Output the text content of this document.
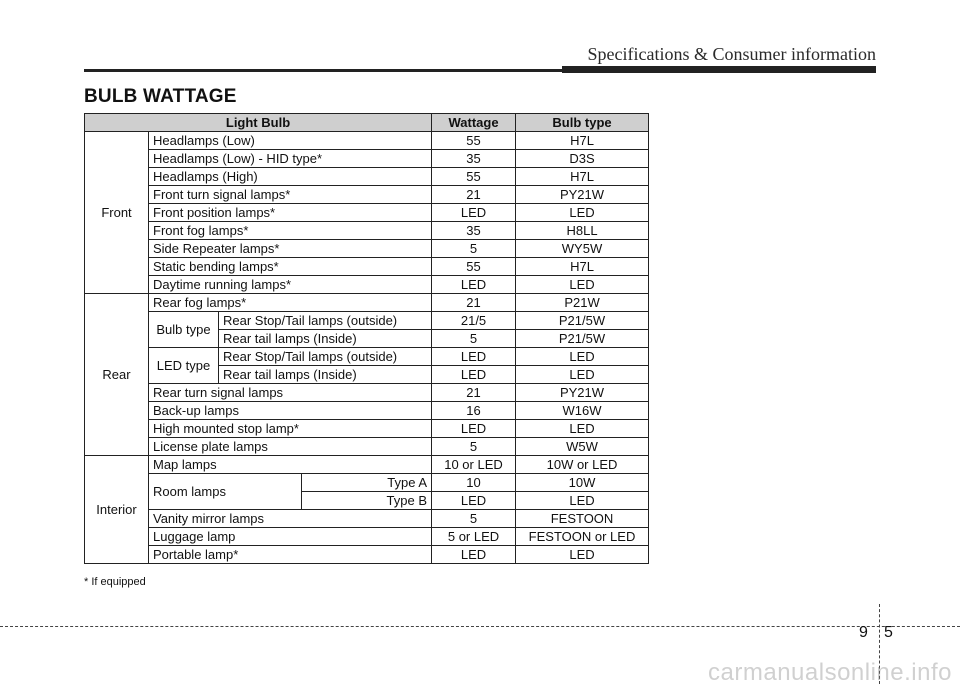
Specifications & Consumer information
BULB WATTAGE
Light Bulb				Wattage	Bulb type
Front	Headlamps (Low)			55	H7L
	Headlamps (Low) - HID type*			35	D3S
	Headlamps (High)			55	H7L
	Front turn signal lamps*			21	PY21W
	Front position lamps*			LED	LED
	Front fog lamps*			35	H8LL
	Side Repeater lamps*			5	WY5W
	Static bending lamps*			55	H7L
	Daytime running lamps*			LED	LED
Rear	Rear fog lamps*			21	P21W
	Bulb type	Rear Stop/Tail lamps (outside)		21/5	P21/5W
		Rear tail lamps (Inside)		5	P21/5W
	LED type	Rear Stop/Tail lamps (outside)		LED	LED
		Rear tail lamps (Inside)		LED	LED
	Rear turn signal lamps			21	PY21W
	Back-up lamps			16	W16W
	High mounted stop lamp*			LED	LED
	License plate lamps			5	W5W
Interior	Map lamps			10 or LED	10W or LED
	Room lamps		Type A	10	10W
			Type B	LED	LED
	Vanity mirror lamps			5	FESTOON
	Luggage lamp			5 or LED	FESTOON or LED
	Portable lamp*			LED	LED
* If equipped
9 5
carmanualsonline.info
